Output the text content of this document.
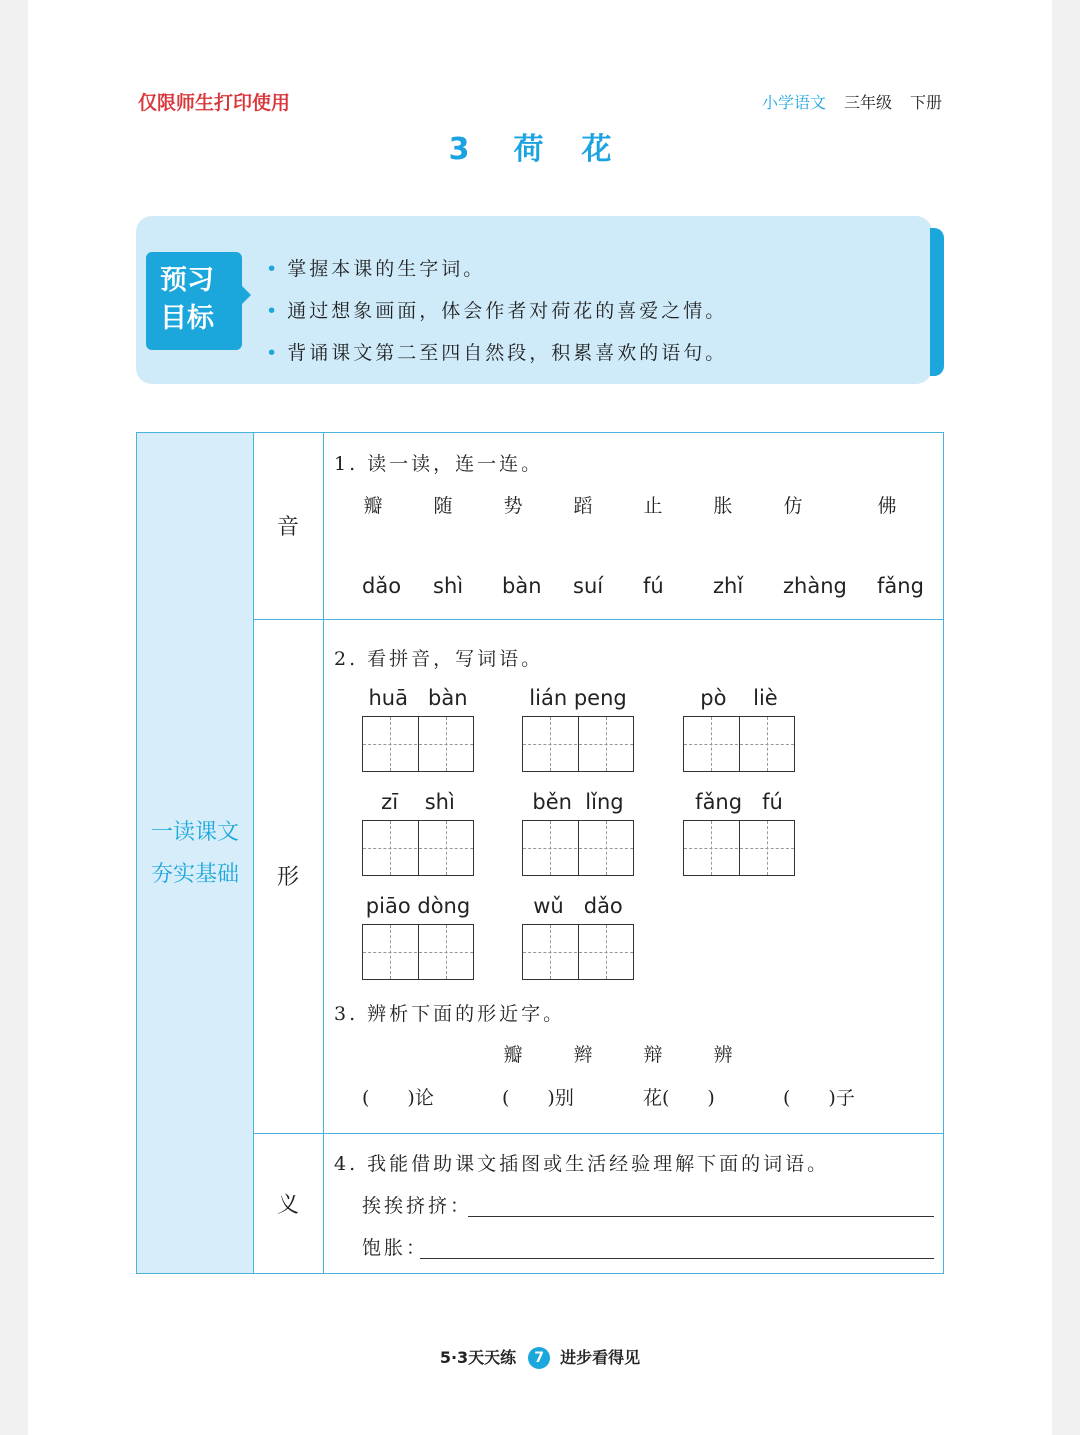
仅限师生打印使用	小学语文 三年级 下册
3 荷 花
预习
目标
• 掌握本课的生字词。
• 通过想象画面，体会作者对荷花的喜爱之情。
• 背诵课文第二至四自然段，积累喜欢的语句。
一读课文
夯实基础
音
形
义
1. 读一读，连一连。
瓣	随	势	蹈	止	胀	仿	佛
dǎo shì bàn suí fú zhǐ zhàng fǎng
2. 看拼音，写词语。
huā bàn	lián peng	pò liè
zī shì	běn lǐng	fǎng fú
piāo dòng	wǔ dǎo
3. 辨析下面的形近字。
瓣	辫	辩	辨
(　　)论	(　　)别	花(　　)	(　　)子
4. 我能借助课文插图或生活经验理解下面的词语。
挨挨挤挤：
饱胀：
5·3天天练 7 进步看得见
